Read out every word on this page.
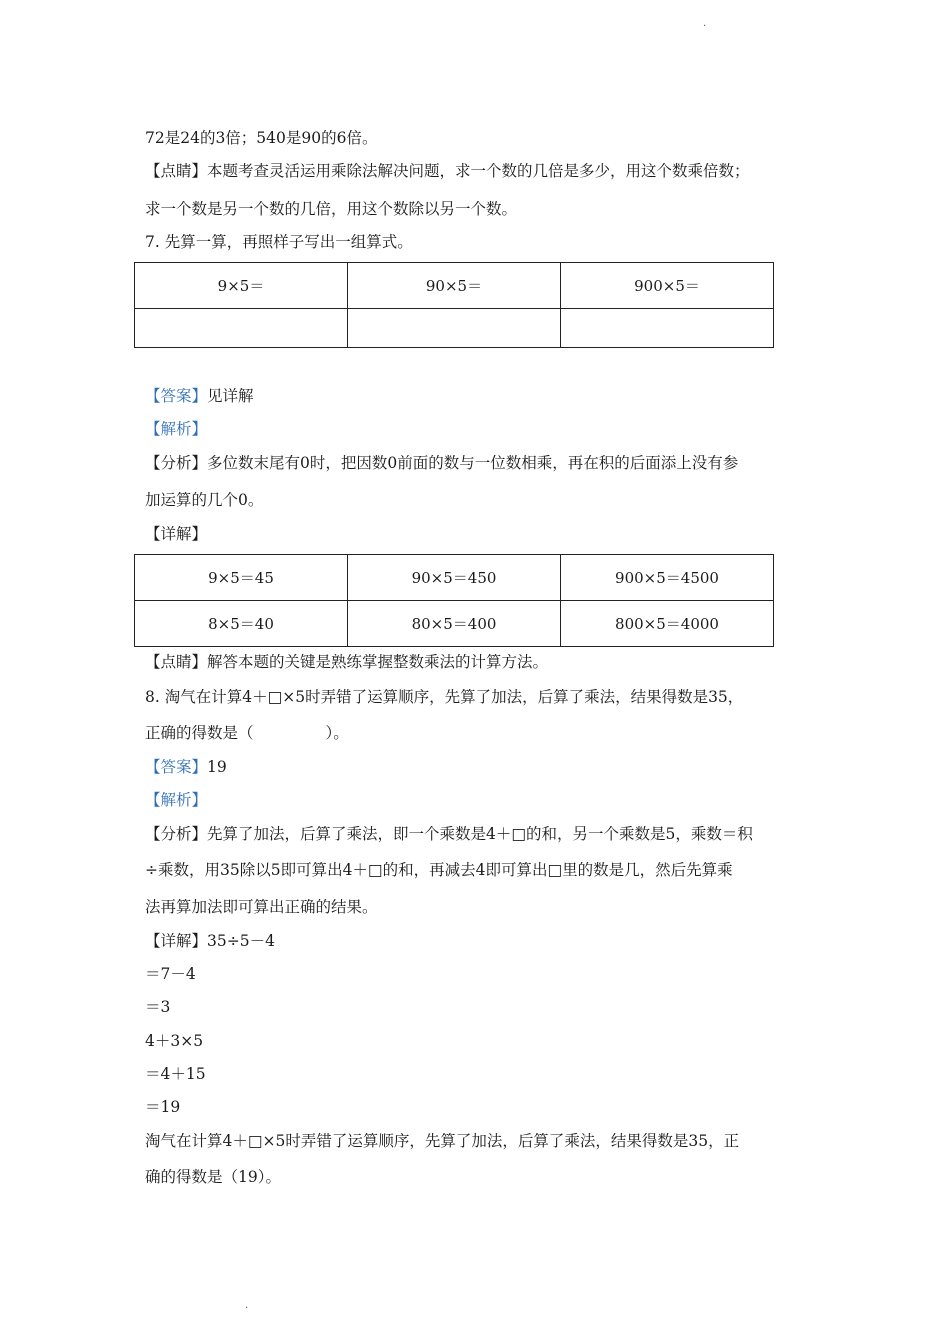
.
72是24的3倍；540是90的6倍。
【点睛】本题考查灵活运用乘除法解决问题，求一个数的几倍是多少，用这个数乘倍数；
求一个数是另一个数的几倍，用这个数除以另一个数。
7. 先算一算，再照样子写出一组算式。
9×5＝	90×5＝	900×5＝

【答案】见详解
【解析】
【分析】多位数末尾有0时，把因数0前面的数与一位数相乘，再在积的后面添上没有参
加运算的几个0。
【详解】
9×5＝45	90×5＝450	900×5＝4500
8×5＝40	80×5＝400	800×5＝4000
【点睛】解答本题的关键是熟练掌握整数乘法的计算方法。
8. 淘气在计算4＋□×5时弄错了运算顺序，先算了加法，后算了乘法，结果得数是35，
正确的得数是（	）。
【答案】19
【解析】
【分析】先算了加法，后算了乘法，即一个乘数是4＋□的和，另一个乘数是5，乘数＝积
÷乘数，用35除以5即可算出4＋□的和，再减去4即可算出□里的数是几，然后先算乘
法再算加法即可算出正确的结果。
【详解】35÷5－4
＝7－4
＝3
4＋3×5
＝4＋15
＝19
淘气在计算4＋□×5时弄错了运算顺序，先算了加法，后算了乘法，结果得数是35，正
确的得数是（19）。
.
